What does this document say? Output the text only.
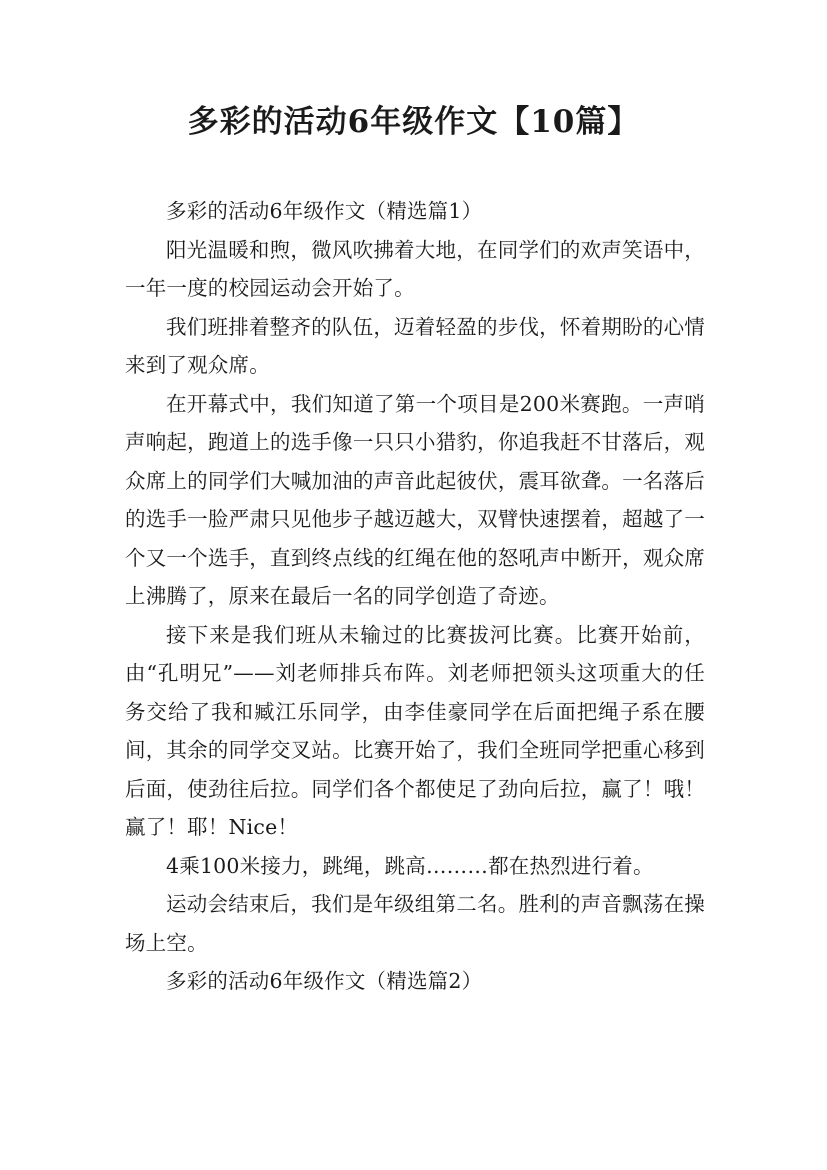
多彩的活动6年级作文【10篇】

多彩的活动6年级作文（精选篇1）

阳光温暖和煦，微风吹拂着大地，在同学们的欢声笑语中，一年一度的校园运动会开始了。

我们班排着整齐的队伍，迈着轻盈的步伐，怀着期盼的心情来到了观众席。

在开幕式中，我们知道了第一个项目是200米赛跑。一声哨声响起，跑道上的选手像一只只小猎豹，你追我赶不甘落后，观众席上的同学们大喊加油的声音此起彼伏，震耳欲聋。一名落后的选手一脸严肃只见他步子越迈越大，双臂快速摆着，超越了一个又一个选手，直到终点线的红绳在他的怒吼声中断开，观众席上沸腾了，原来在最后一名的同学创造了奇迹。

接下来是我们班从未输过的比赛拔河比赛。比赛开始前，由“孔明兄”——刘老师排兵布阵。刘老师把领头这项重大的任务交给了我和臧江乐同学，由李佳豪同学在后面把绳子系在腰间，其余的同学交叉站。比赛开始了，我们全班同学把重心移到后面，使劲往后拉。同学们各个都使足了劲向后拉，赢了！哦！赢了！耶！Nice！

4乘100米接力，跳绳，跳高………都在热烈进行着。

运动会结束后，我们是年级组第二名。胜利的声音飘荡在操场上空。

多彩的活动6年级作文（精选篇2）
